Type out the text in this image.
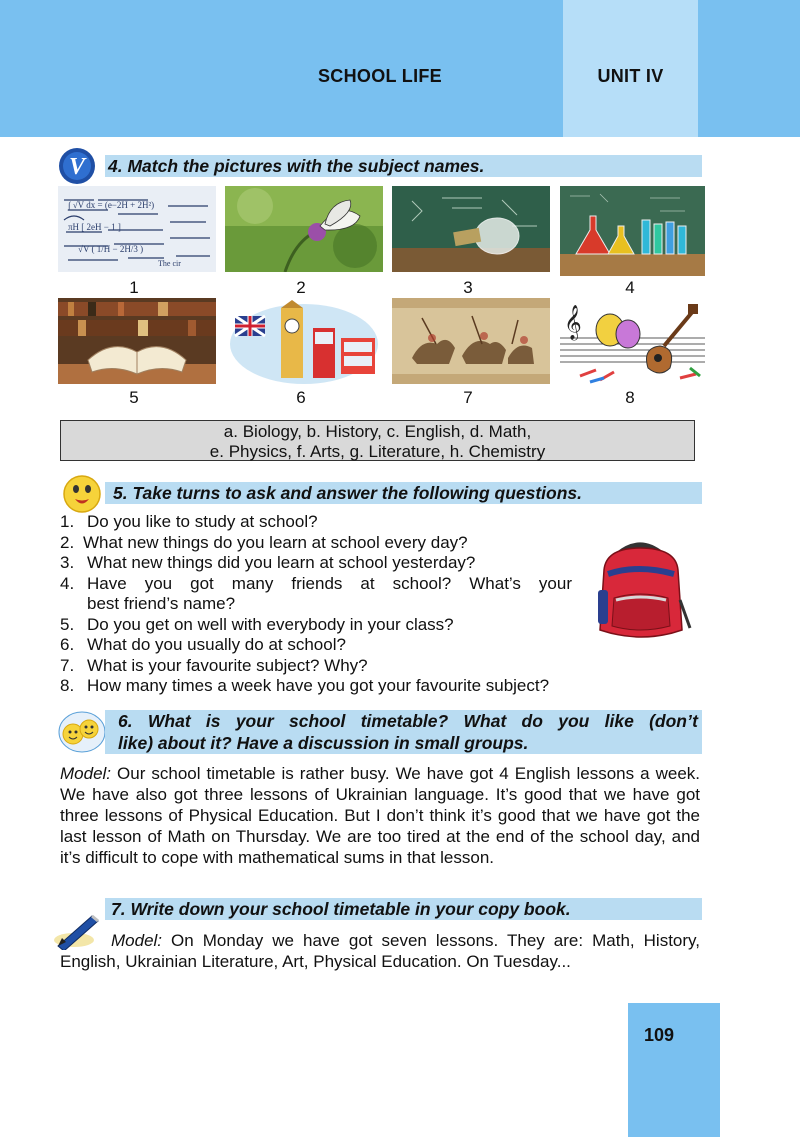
SCHOOL LIFE	UNIT IV
V 4. Match the pictures with the subject names.
∫ √V dx = (e−2H + 2H²)
πH [ 2eH − 1 ]
√V ( 1/H − 2H/3 )
The cir
1	2	3	4
𝄞
5	6	7	8
a. Biology, b. History, c. English, d. Math,
e. Physics, f. Arts, g. Literature, h. Chemistry
5. Take turns to ask and answer the following questions.
1. Do you like to study at school?
2. What new things do you learn at school every day?
3. What new things did you learn at school yesterday?
4. Have you got many friends at school? What’s your
best friend’s name?
5. Do you get on well with everybody in your class?
6. What do you usually do at school?
7. What is your favourite subject? Why?
8. How many times a week have you got your favourite subject?
6. What is your school timetable? What do you like (don’t
like) about it? Have a discussion in small groups.

Model: Our school timetable is rather busy. We have got 4 English lessons a week. We have also got three lessons of Ukrainian language. It’s good that we have got three lessons of Physical Education. But I don’t think it’s good that we have got the last lesson of Math on Thursday. We are too tired at the end of the school day, and it’s difficult to cope with mathematical sums in that lesson.

7. Write down your school timetable in your copy book.

Model: On Monday we have got seven lessons. They are: Math, History, English, Ukrainian Literature, Art, Physical Education. On Tuesday...

109
